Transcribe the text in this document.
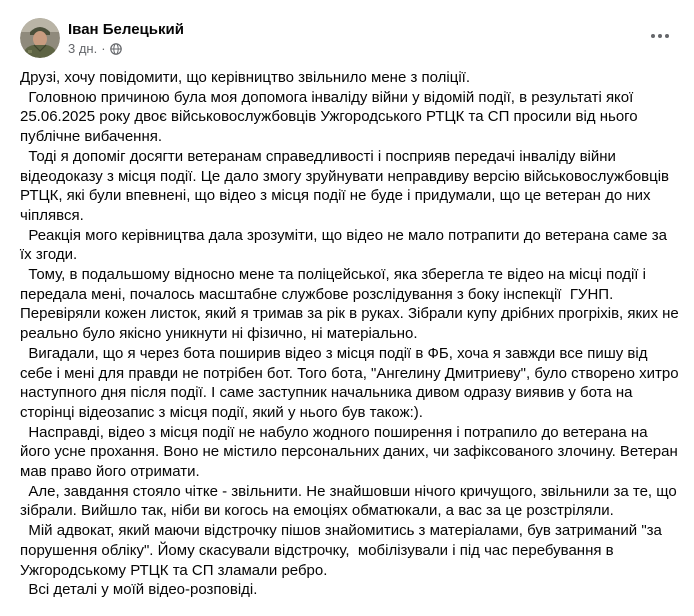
Іван Белецький
3 дн. ·

Друзі, хочу повідомити, що керівництво звільнило мене з поліції.

Головною причиною була моя допомога інваліду війни у відомій події, в результаті якої 25.06.2025 року двоє військовослужбовців Ужгородського РТЦК та СП просили від нього публічне вибачення.

Тоді я допоміг досягти ветеранам справедливості і посприяв передачі інваліду війни відеодоказу з місця події. Це дало змогу зруйнувати неправдиву версію військовослужбовців РТЦК, які були впевнені, що відео з місця події не буде і придумали, що це ветеран до них чіплявся.

Реакція мого керівництва дала зрозуміти, що відео не мало потрапити до ветерана саме за їх згоди.

Тому, в подальшому відносно мене та поліцейської, яка зберегла те відео на місці події і передала мені, почалось масштабне службове розслідування з боку інспекції  ГУНП. Перевіряли кожен листок, який я тримав за рік в руках. Зібрали купу дрібних прогріхів, яких не реально було якісно уникнути ні фізично, ні матеріально.

Вигадали, що я через бота поширив відео з місця події в ФБ, хоча я завжди все пишу від себе і мені для правди не потрібен бот. Того бота, "Ангелину Дмитриеву", було створено хитро наступного дня після події. І саме заступник начальника дивом одразу виявив у бота на сторінці відеозапис з місця події, який у нього був також:).

Насправді, відео з місця події не набуло жодного поширення і потрапило до ветерана на його усне прохання. Воно не містило персональних даних, чи зафіксованого злочину. Ветеран мав право його отримати.

Але, завдання стояло чітке - звільнити. Не знайшовши нічого кричущого, звільнили за те, що зібрали. Вийшло так, ніби ви когось на емоціях обматюкали, а вас за це розстріляли.

Мій адвокат, який маючи відстрочку пішов знайомитись з матеріалами, був затриманий "за порушення обліку". Йому скасували відстрочку,  мобілізували і під час перебування в Ужгородському РТЦК та СП зламали ребро.

Всі деталі у моїй відео-розповіді.
